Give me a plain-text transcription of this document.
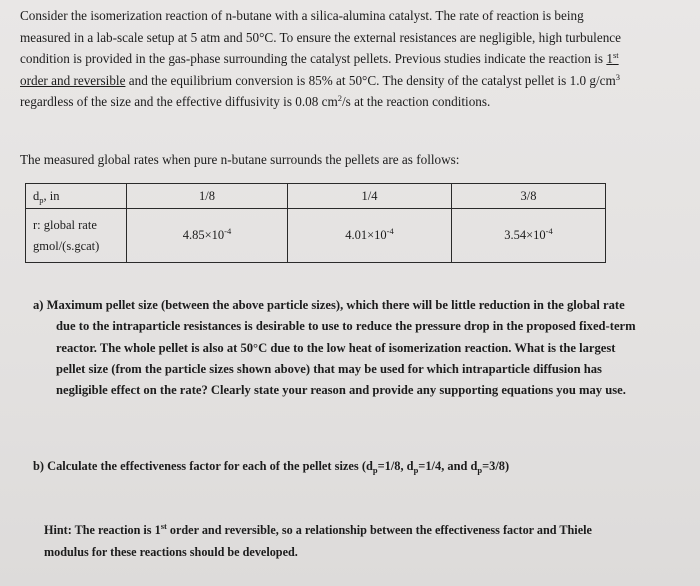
Consider the isomerization reaction of n-butane with a silica-alumina catalyst. The rate of reaction is being
measured in a lab-scale setup at 5 atm and 50°C. To ensure the external resistances are negligible, high turbulence
condition is provided in the gas-phase surrounding the catalyst pellets. Previous studies indicate the reaction is 1st
order and reversible and the equilibrium conversion is 85% at 50°C. The density of the catalyst pellet is 1.0 $g/cm^3$
regardless of the size and the effective diffusivity is 0.08 $cm^2/s$ at the reaction conditions.
The measured global rates when pure n-butane surrounds the pellets are as follows:
$d_p$, in	1/8	1/4	3/8

r: global rate
gmol/(s.gcat)	$4.85\times 10^{-4}$	$4.01\times 10^{-4}$	$3.54\times 10^{-4}$
a) Maximum pellet size (between the above particle sizes), which there will be little reduction in the global rate
due to the intraparticle resistances is desirable to use to reduce the pressure drop in the proposed fixed-term
reactor. The whole pellet is also at 50°C due to the low heat of isomerization reaction. What is the largest
pellet size (from the particle sizes shown above) that may be used for which intraparticle diffusion has
negligible effect on the rate? Clearly state your reason and provide any supporting equations you may use.
b) Calculate the effectiveness factor for each of the pellet sizes ($d_p=1/8$, $d_p=1/4$, and $d_p=3/8$)
Hint: The reaction is 1st order and reversible, so a relationship between the effectiveness factor and Thiele
modulus for these reactions should be developed.
